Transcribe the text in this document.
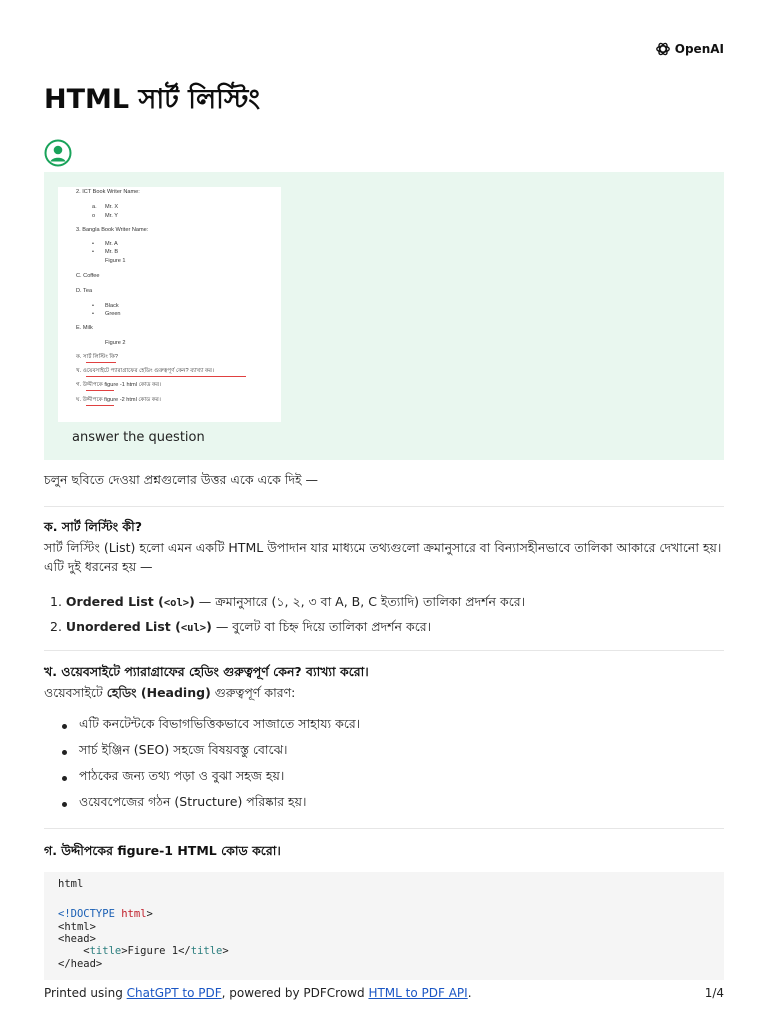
OpenAI
HTML সার্ট লিস্টিং
2. ICT Book Writer Name:
a. Mr. X
o Mr. Y
3. Bangla Book Writer Name:
• Mr. A
• Mr. B
Figure 1
C. Coffee
D. Tea
• Black
• Green
E. Milk
Figure 2
ক. সার্ট লিস্টিং কি?
খ. ওয়েবসাইটে প্যারাগ্রাফের হেডিং গুরুত্বপূর্ণ কেন? ব্যাখ্যা কর।
গ. উদ্দীপকে figure -1 html কোড কর।
ঘ. উদ্দীপকে figure -2 html কোড কর।
answer the question
চলুন ছবিতে দেওয়া প্রশ্নগুলোর উত্তর একে একে দিই —
ক. সার্ট লিস্টিং কী?
সার্ট লিস্টিং (List) হলো এমন একটি HTML উপাদান যার মাধ্যমে তথ্যগুলো ক্রমানুসারে বা বিন্যাসহীনভাবে তালিকা আকারে দেখানো হয়।
এটি দুই ধরনের হয় —
1. Ordered List (<ol>) — ক্রমানুসারে (১, ২, ৩ বা A, B, C ইত্যাদি) তালিকা প্রদর্শন করে।
2. Unordered List (<ul>) — বুলেট বা চিহ্ন দিয়ে তালিকা প্রদর্শন করে।
খ. ওয়েবসাইটে প্যারাগ্রাফের হেডিং গুরুত্বপূর্ণ কেন? ব্যাখ্যা করো।
ওয়েবসাইটে হেডিং (Heading) গুরুত্বপূর্ণ কারণ:
এটি কনটেন্টকে বিভাগভিত্তিকভাবে সাজাতে সাহায্য করে।
সার্চ ইঞ্জিন (SEO) সহজে বিষয়বস্তু বোঝে।
পাঠকের জন্য তথ্য পড়া ও বুঝা সহজ হয়।
ওয়েবপেজের গঠন (Structure) পরিষ্কার হয়।
গ. উদ্দীপকের figure-1 HTML কোড করো।
html
<!DOCTYPE html>
<html>
<head>
<title>Figure 1</title>
</head>
Printed using ChatGPT to PDF, powered by PDFCrowd HTML to PDF API.	1/4
